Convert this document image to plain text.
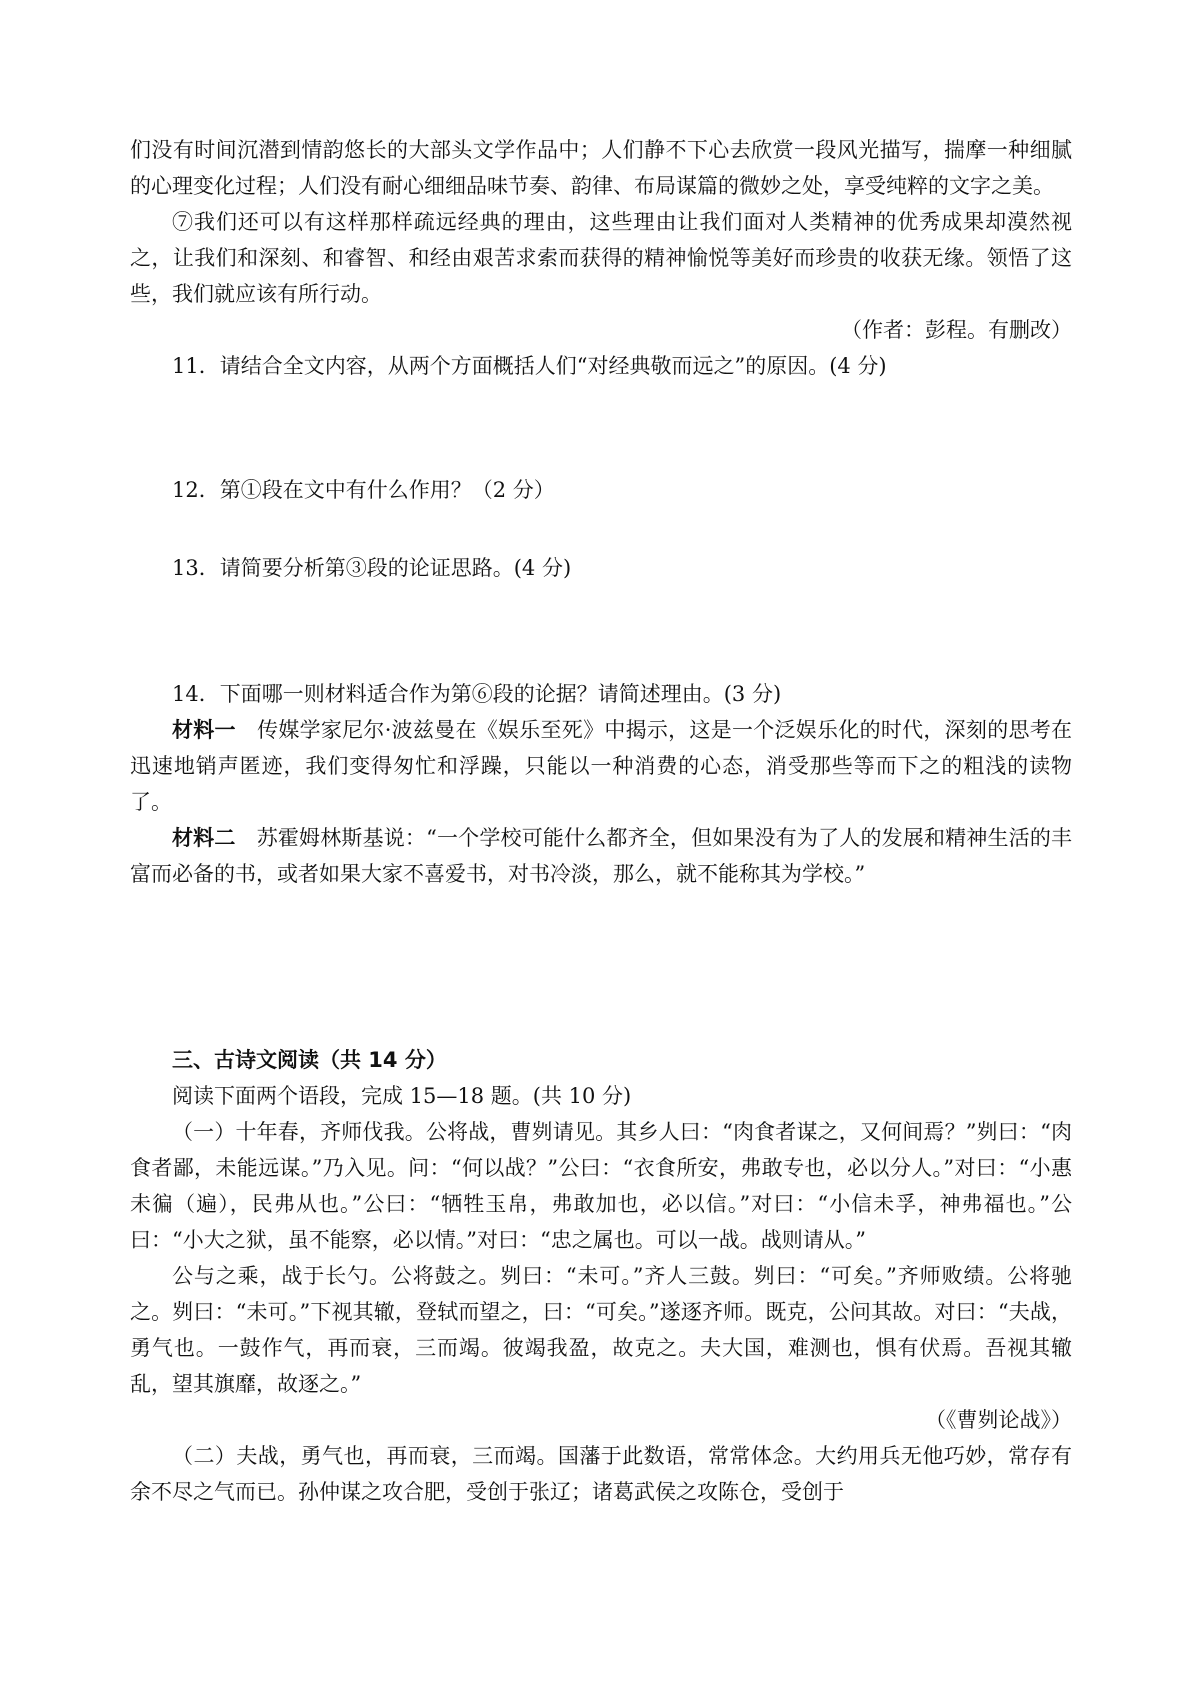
们没有时间沉潜到情韵悠长的大部头文学作品中；人们静不下心去欣赏一段风光描写，揣摩一种细腻的心理变化过程；人们没有耐心细细品味节奏、韵律、布局谋篇的微妙之处，享受纯粹的文字之美。

⑦我们还可以有这样那样疏远经典的理由，这些理由让我们面对人类精神的优秀成果却漠然视之，让我们和深刻、和睿智、和经由艰苦求索而获得的精神愉悦等美好而珍贵的收获无缘。领悟了这些，我们就应该有所行动。

（作者：彭程。有删改）

11．请结合全文内容，从两个方面概括人们“对经典敬而远之”的原因。(4 分)

12．第①段在文中有什么作用？（2 分）

13．请简要分析第③段的论证思路。(4 分)

14．下面哪一则材料适合作为第⑥段的论据？请简述理由。(3 分)

材料一　传媒学家尼尔·波兹曼在《娱乐至死》中揭示，这是一个泛娱乐化的时代，深刻的思考在迅速地销声匿迹，我们变得匆忙和浮躁，只能以一种消费的心态，消受那些等而下之的粗浅的读物了。

材料二　苏霍姆林斯基说：“一个学校可能什么都齐全，但如果没有为了人的发展和精神生活的丰富而必备的书，或者如果大家不喜爱书，对书冷淡，那么，就不能称其为学校。”

三、古诗文阅读（共 14 分）

阅读下面两个语段，完成 15—18 题。(共 10 分)

（一）十年春，齐师伐我。公将战，曹刿请见。其乡人曰：“肉食者谋之，又何间焉？”刿曰：“肉食者鄙，未能远谋。”乃入见。问：“何以战？”公曰：“衣食所安，弗敢专也，必以分人。”对曰：“小惠未徧（遍），民弗从也。”公曰：“牺牲玉帛，弗敢加也，必以信。”对曰：“小信未孚，神弗福也。”公曰：“小大之狱，虽不能察，必以情。”对曰：“忠之属也。可以一战。战则请从。”

公与之乘，战于长勺。公将鼓之。刿曰：“未可。”齐人三鼓。刿曰：“可矣。”齐师败绩。公将驰之。刿曰：“未可。”下视其辙，登轼而望之，曰：“可矣。”遂逐齐师。既克，公问其故。对曰：“夫战，勇气也。一鼓作气，再而衰，三而竭。彼竭我盈，故克之。夫大国，难测也，惧有伏焉。吾视其辙乱，望其旗靡，故逐之。”

（《曹刿论战》）

（二）夫战，勇气也，再而衰，三而竭。国藩于此数语，常常体念。大约用兵无他巧妙，常存有余不尽之气而已。孙仲谋之攻合肥，受创于张辽；诸葛武侯之攻陈仓，受创于
